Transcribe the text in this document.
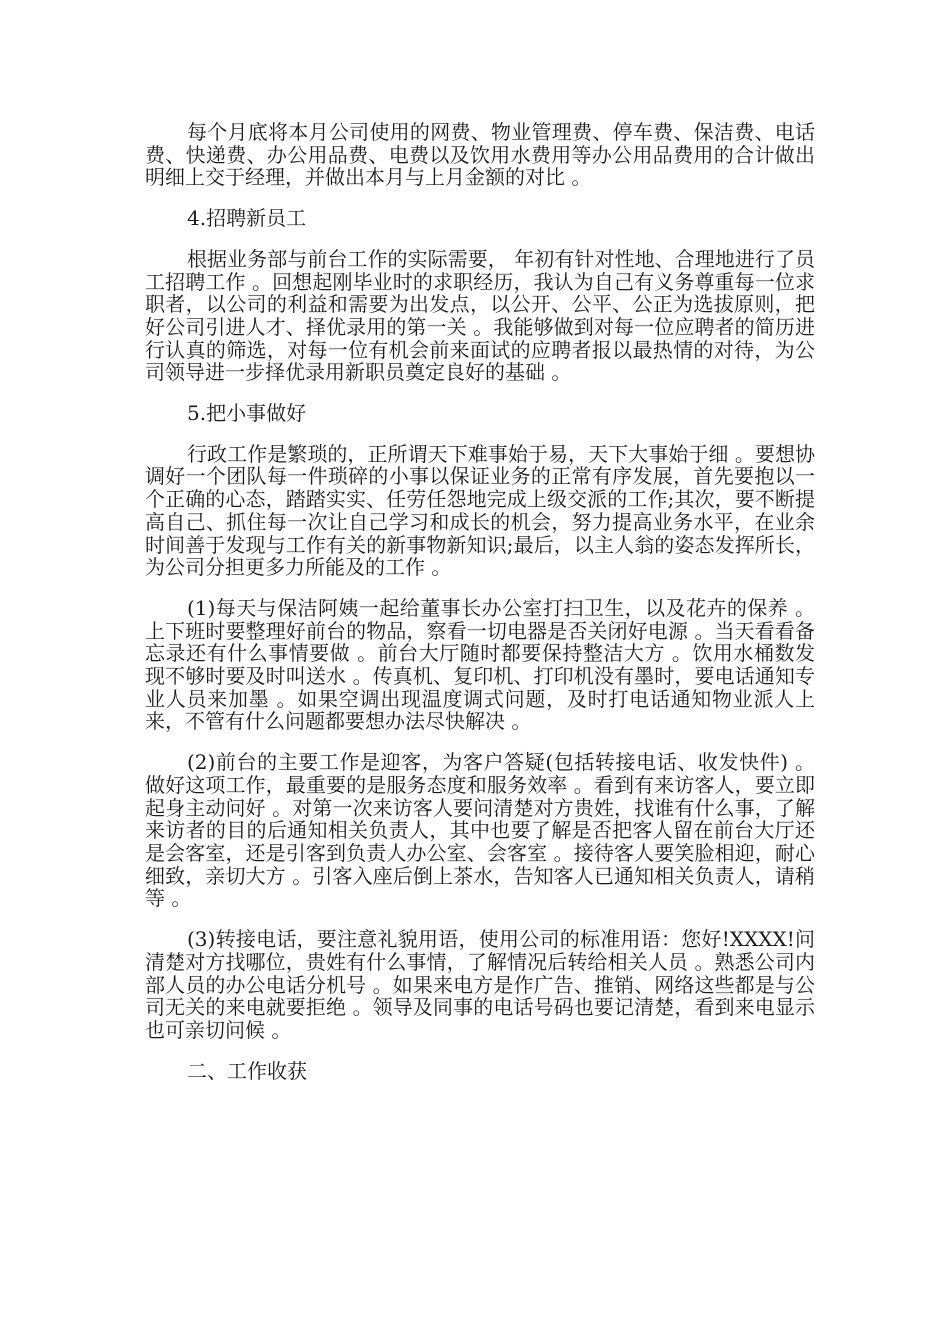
每个月底将本月公司使用的网费、物业管理费、停车费、保洁费、电话费、快递费、办公用品费、电费以及饮用水费用等办公用品费用的合计做出明细上交于经理，并做出本月与上月金额的对比 。

4.招聘新员工

根据业务部与前台工作的实际需要， 年初有针对性地、合理地进行了员工招聘工作 。回想起刚毕业时的求职经历，我认为自己有义务尊重每一位求职者，以公司的利益和需要为出发点，以公开、公平、公正为选拔原则，把好公司引进人才、择优录用的第一关 。我能够做到对每一位应聘者的简历进行认真的筛选，对每一位有机会前来面试的应聘者报以最热情的对待，为公司领导进一步择优录用新职员奠定良好的基础 。

5.把小事做好

行政工作是繁琐的，正所谓天下难事始于易，天下大事始于细 。要想协调好一个团队每一件琐碎的小事以保证业务的正常有序发展，首先要抱以一个正确的心态，踏踏实实、任劳任怨地完成上级交派的工作;其次，要不断提高自己、抓住每一次让自己学习和成长的机会，努力提高业务水平，在业余时间善于发现与工作有关的新事物新知识;最后，以主人翁的姿态发挥所长，为公司分担更多力所能及的工作 。

(1)每天与保洁阿姨一起给董事长办公室打扫卫生，以及花卉的保养 。上下班时要整理好前台的物品，察看一切电器是否关闭好电源 。当天看看备忘录还有什么事情要做 。前台大厅随时都要保持整洁大方 。饮用水桶数发现不够时要及时叫送水 。传真机、复印机、打印机没有墨时，要电话通知专业人员来加墨 。如果空调出现温度调式问题，及时打电话通知物业派人上来，不管有什么问题都要想办法尽快解决 。

(2)前台的主要工作是迎客，为客户答疑(包括转接电话、收发快件) 。做好这项工作，最重要的是服务态度和服务效率 。看到有来访客人，要立即起身主动问好 。对第一次来访客人要问清楚对方贵姓，找谁有什么事，了解来访者的目的后通知相关负责人，其中也要了解是否把客人留在前台大厅还是会客室，还是引客到负责人办公室、会客室 。接待客人要笑脸相迎，耐心细致，亲切大方 。引客入座后倒上茶水，告知客人已通知相关负责人，请稍等 。

(3)转接电话，要注意礼貌用语，使用公司的标准用语：您好!XXXX!问清楚对方找哪位，贵姓有什么事情，了解情况后转给相关人员 。熟悉公司内部人员的办公电话分机号 。如果来电方是作广告、推销、网络这些都是与公司无关的来电就要拒绝 。领导及同事的电话号码也要记清楚，看到来电显示也可亲切问候 。

二、工作收获
